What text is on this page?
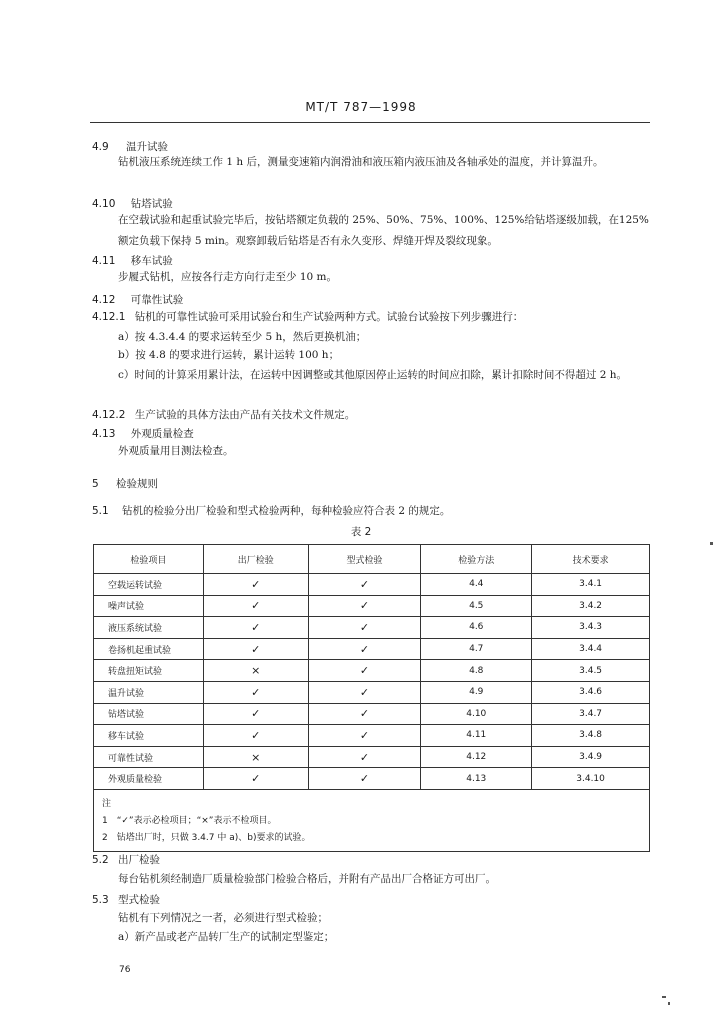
MT/T 787—1998
4.9 温升试验
钻机液压系统连续工作 1 h 后，测量变速箱内润滑油和液压箱内液压油及各轴承处的温度，并计算温升。
4.10 钻塔试验
在空载试验和起重试验完毕后，按钻塔额定负载的 25%、50%、75%、100%、125%给钻塔逐级加载，在125%额定负载下保持 5 min。观察卸载后钻塔是否有永久变形、焊缝开焊及裂纹现象。
4.11 移车试验
步履式钻机，应按各行走方向行走至少 10 m。
4.12 可靠性试验
4.12.1 钻机的可靠性试验可采用试验台和生产试验两种方式。试验台试验按下列步骤进行：
a）按 4.3.4.4 的要求运转至少 5 h，然后更换机油；
b）按 4.8 的要求进行运转，累计运转 100 h；
c）时间的计算采用累计法，在运转中因调整或其他原因停止运转的时间应扣除，累计扣除时间不得超过 2 h。
4.12.2 生产试验的具体方法由产品有关技术文件规定。
4.13 外观质量检查
外观质量用目测法检查。
5 检验规则
5.1 钻机的检验分出厂检验和型式检验两种，每种检验应符合表 2 的规定。
表 2
检验项目	出厂检验	型式检验	检验方法	技术要求
空载运转试验	✓	✓	4.4	3.4.1
噪声试验	✓	✓	4.5	3.4.2
液压系统试验	✓	✓	4.6	3.4.3
卷扬机起重试验	✓	✓	4.7	3.4.4
转盘扭矩试验	×	✓	4.8	3.4.5
温升试验	✓	✓	4.9	3.4.6
钻塔试验	✓	✓	4.10	3.4.7
移车试验	✓	✓	4.11	3.4.8
可靠性试验	×	✓	4.12	3.4.9
外观质量检验	✓	✓	4.13	3.4.10

注
1　“✓”表示必检项目；“×”表示不检项目。
2　钻塔出厂时，只做 3.4.7 中 a)、b)要求的试验。				
5.2 出厂检验
每台钻机须经制造厂质量检验部门检验合格后，并附有产品出厂合格证方可出厂。
5.3 型式检验
钻机有下列情况之一者，必须进行型式检验；
a）新产品或老产品转厂生产的试制定型鉴定；
76
